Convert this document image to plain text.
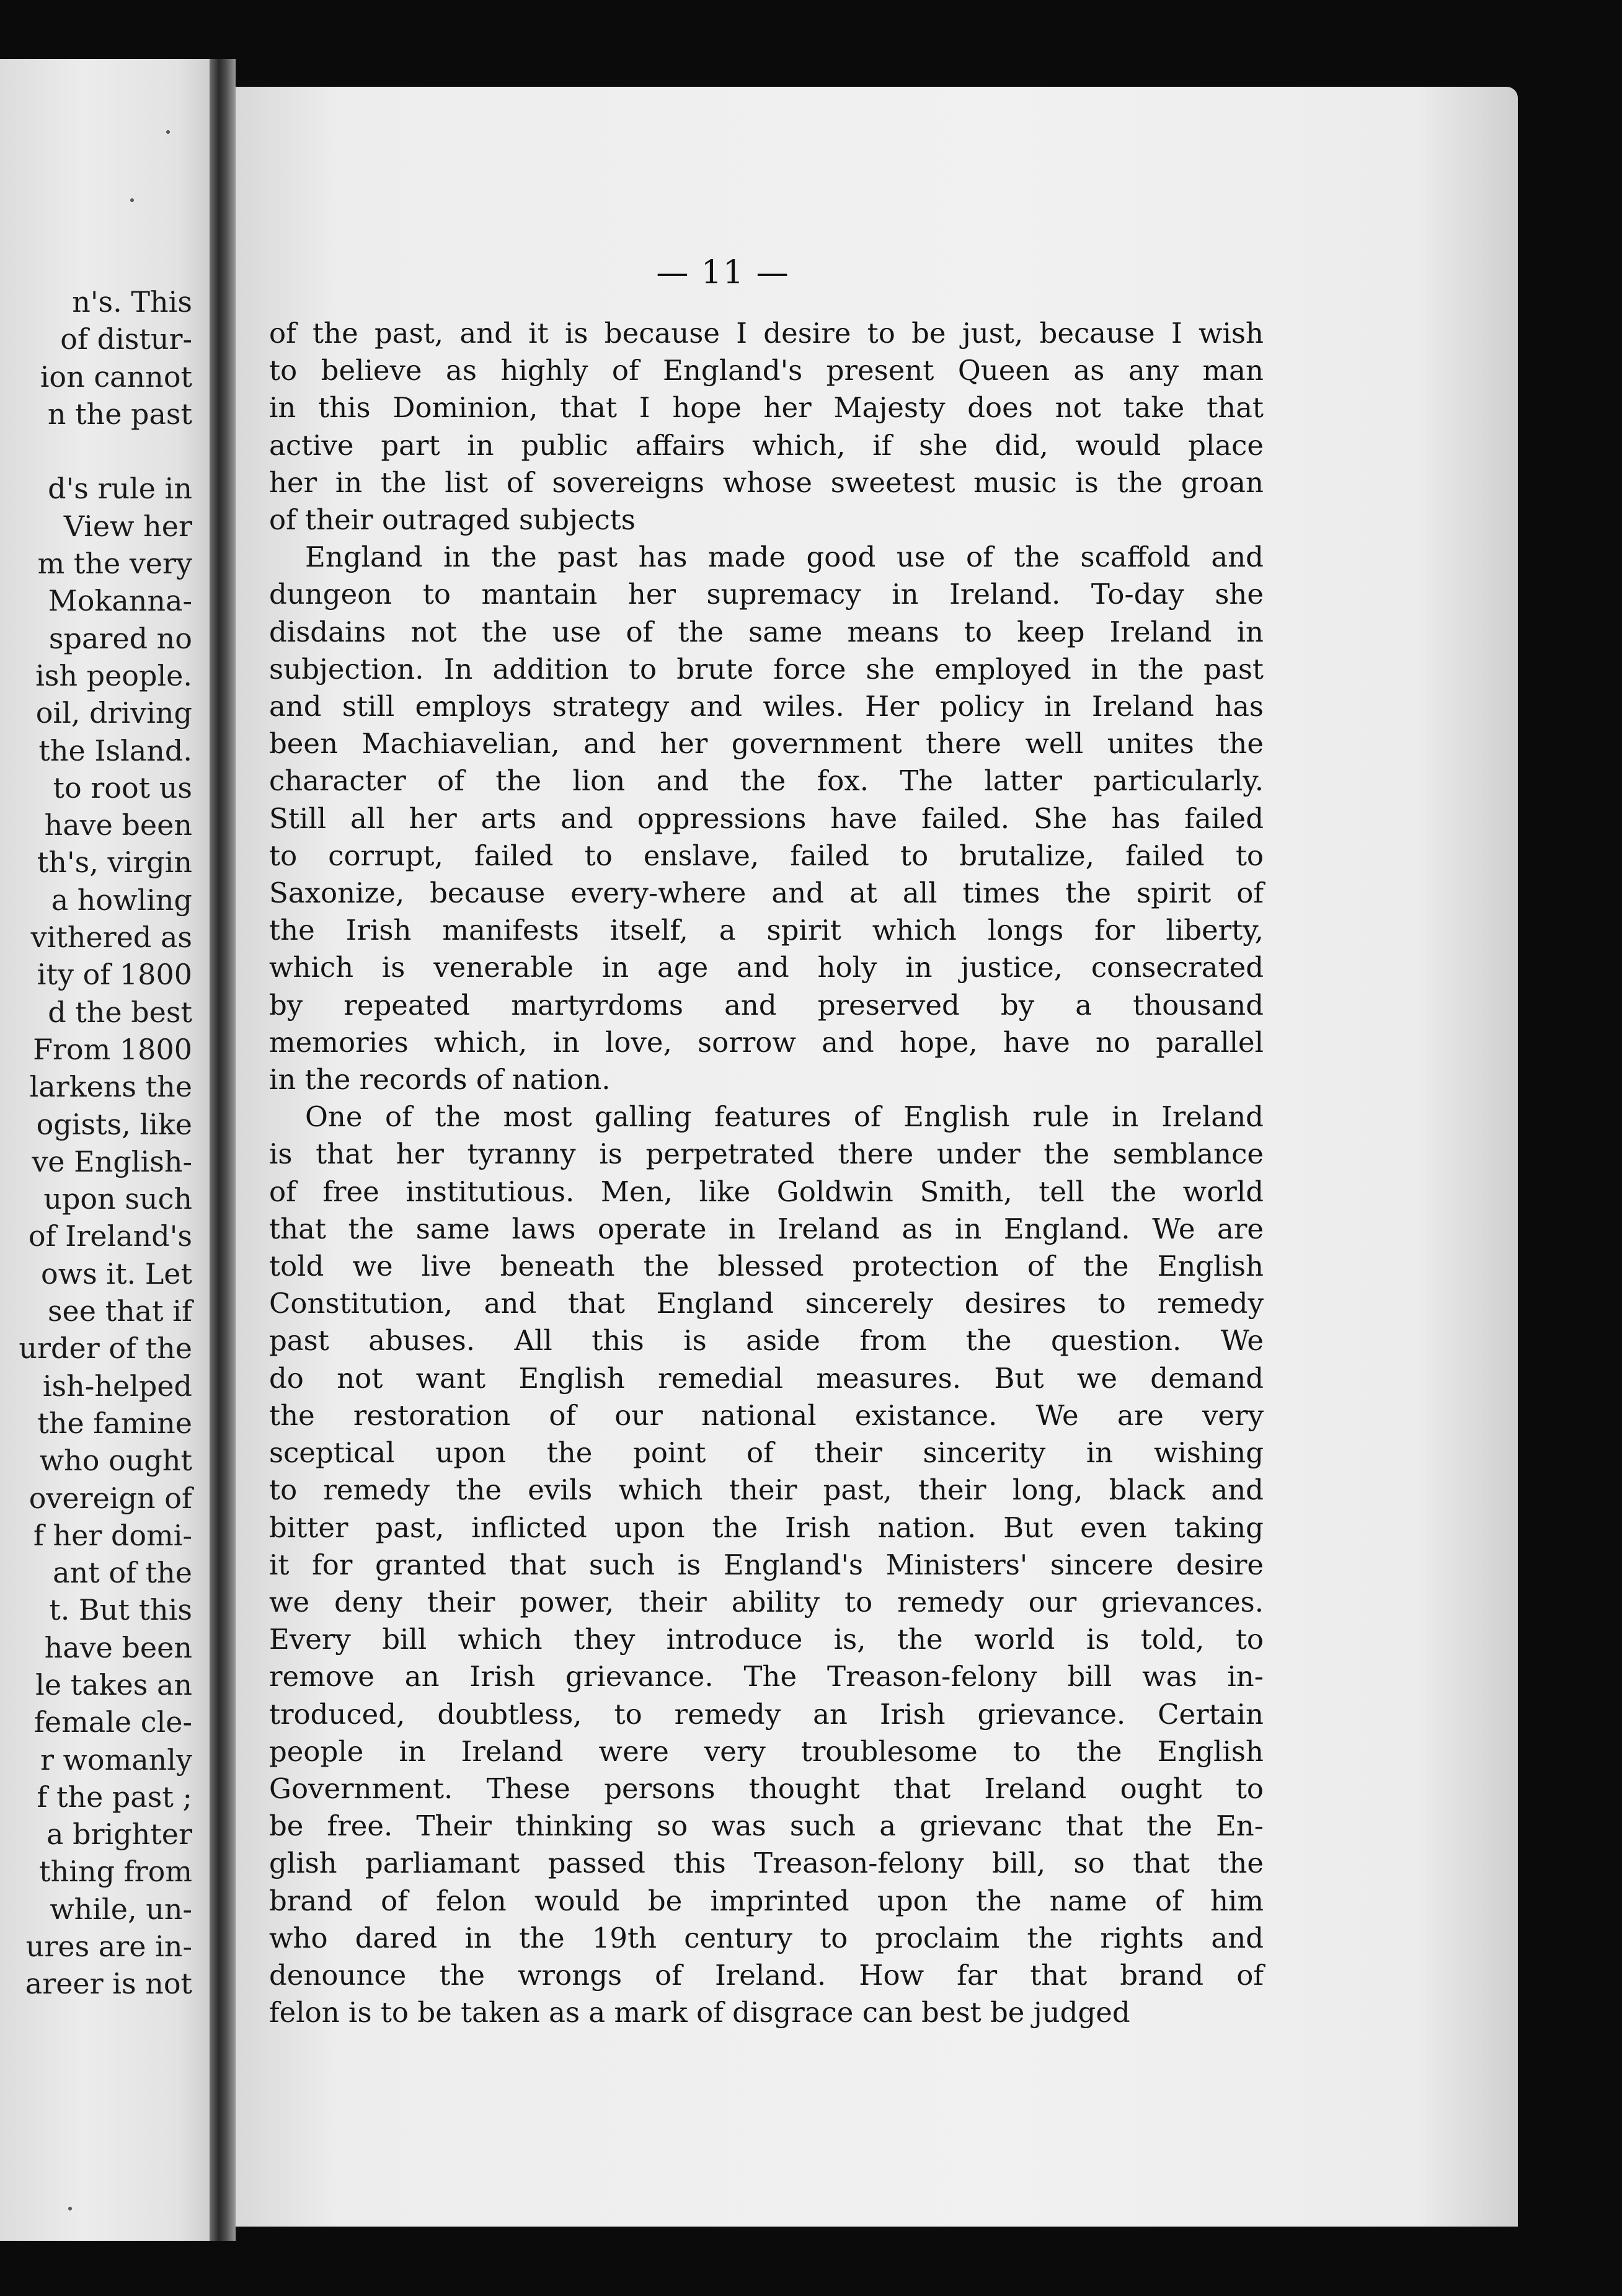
n's. This
of distur-
ion cannot
n the past
d's rule in
View her
m the very
Mokanna-
spared no
ish people.
oil, driving
the Island.
to root us
have been
th's, virgin
a howling
vithered as
ity of 1800
d the best
From 1800
larkens the
ogists, like
ve English-
upon such
of Ireland's
ows it. Let
see that if
urder of the
ish-helped
the famine
who ought
overeign of
f her domi-
ant of the
t. But this
have been
le takes an
female cle-
r womanly
f the past ;
a brighter
thing from
while, un-
ures are in-
areer is not
— 11 —

of the past, and it is because I desire to be just, because I wish
to believe as highly of England's present Queen as any man
in this Dominion, that I hope her Majesty does not take that
active part in public affairs which, if she did, would place
her in the list of sovereigns whose sweetest music is the groan
of their outraged subjects

England in the past has made good use of the scaffold and
dungeon to mantain her supremacy in Ireland. To-day she
disdains not the use of the same means to keep Ireland in
subjection. In addition to brute force she employed in the past
and still employs strategy and wiles. Her policy in Ireland has
been Machiavelian, and her government there well unites the
character of the lion and the fox. The latter particularly.
Still all her arts and oppressions have failed. She has failed
to corrupt, failed to enslave, failed to brutalize, failed to
Saxonize, because every-where and at all times the spirit of
the Irish manifests itself, a spirit which longs for liberty,
which is venerable in age and holy in justice, consecrated
by repeated martyrdoms and preserved by a thousand
memories which, in love, sorrow and hope, have no parallel
in the records of nation.

One of the most galling features of English rule in Ireland
is that her tyranny is perpetrated there under the semblance
of free institutious. Men, like Goldwin Smith, tell the world
that the same laws operate in Ireland as in England. We are
told we live beneath the blessed protection of the English
Constitution, and that England sincerely desires to remedy
past abuses. All this is aside from the question. We
do not want English remedial measures. But we demand
the restoration of our national existance. We are very
sceptical upon the point of their sincerity in wishing
to remedy the evils which their past, their long, black and
bitter past, inflicted upon the Irish nation. But even taking
it for granted that such is England's Ministers' sincere desire
we deny their power, their ability to remedy our grievances.
Every bill which they introduce is, the world is told, to
remove an Irish grievance. The Treason-felony bill was in-
troduced, doubtless, to remedy an Irish grievance. Certain
people in Ireland were very troublesome to the English
Government. These persons thought that Ireland ought to
be free. Their thinking so was such a grievanc that the En-
glish parliamant passed this Treason-felony bill, so that the
brand of felon would be imprinted upon the name of him
who dared in the 19th century to proclaim the rights and
denounce the wrongs of Ireland. How far that brand of
felon is to be taken as a mark of disgrace can best be judged
